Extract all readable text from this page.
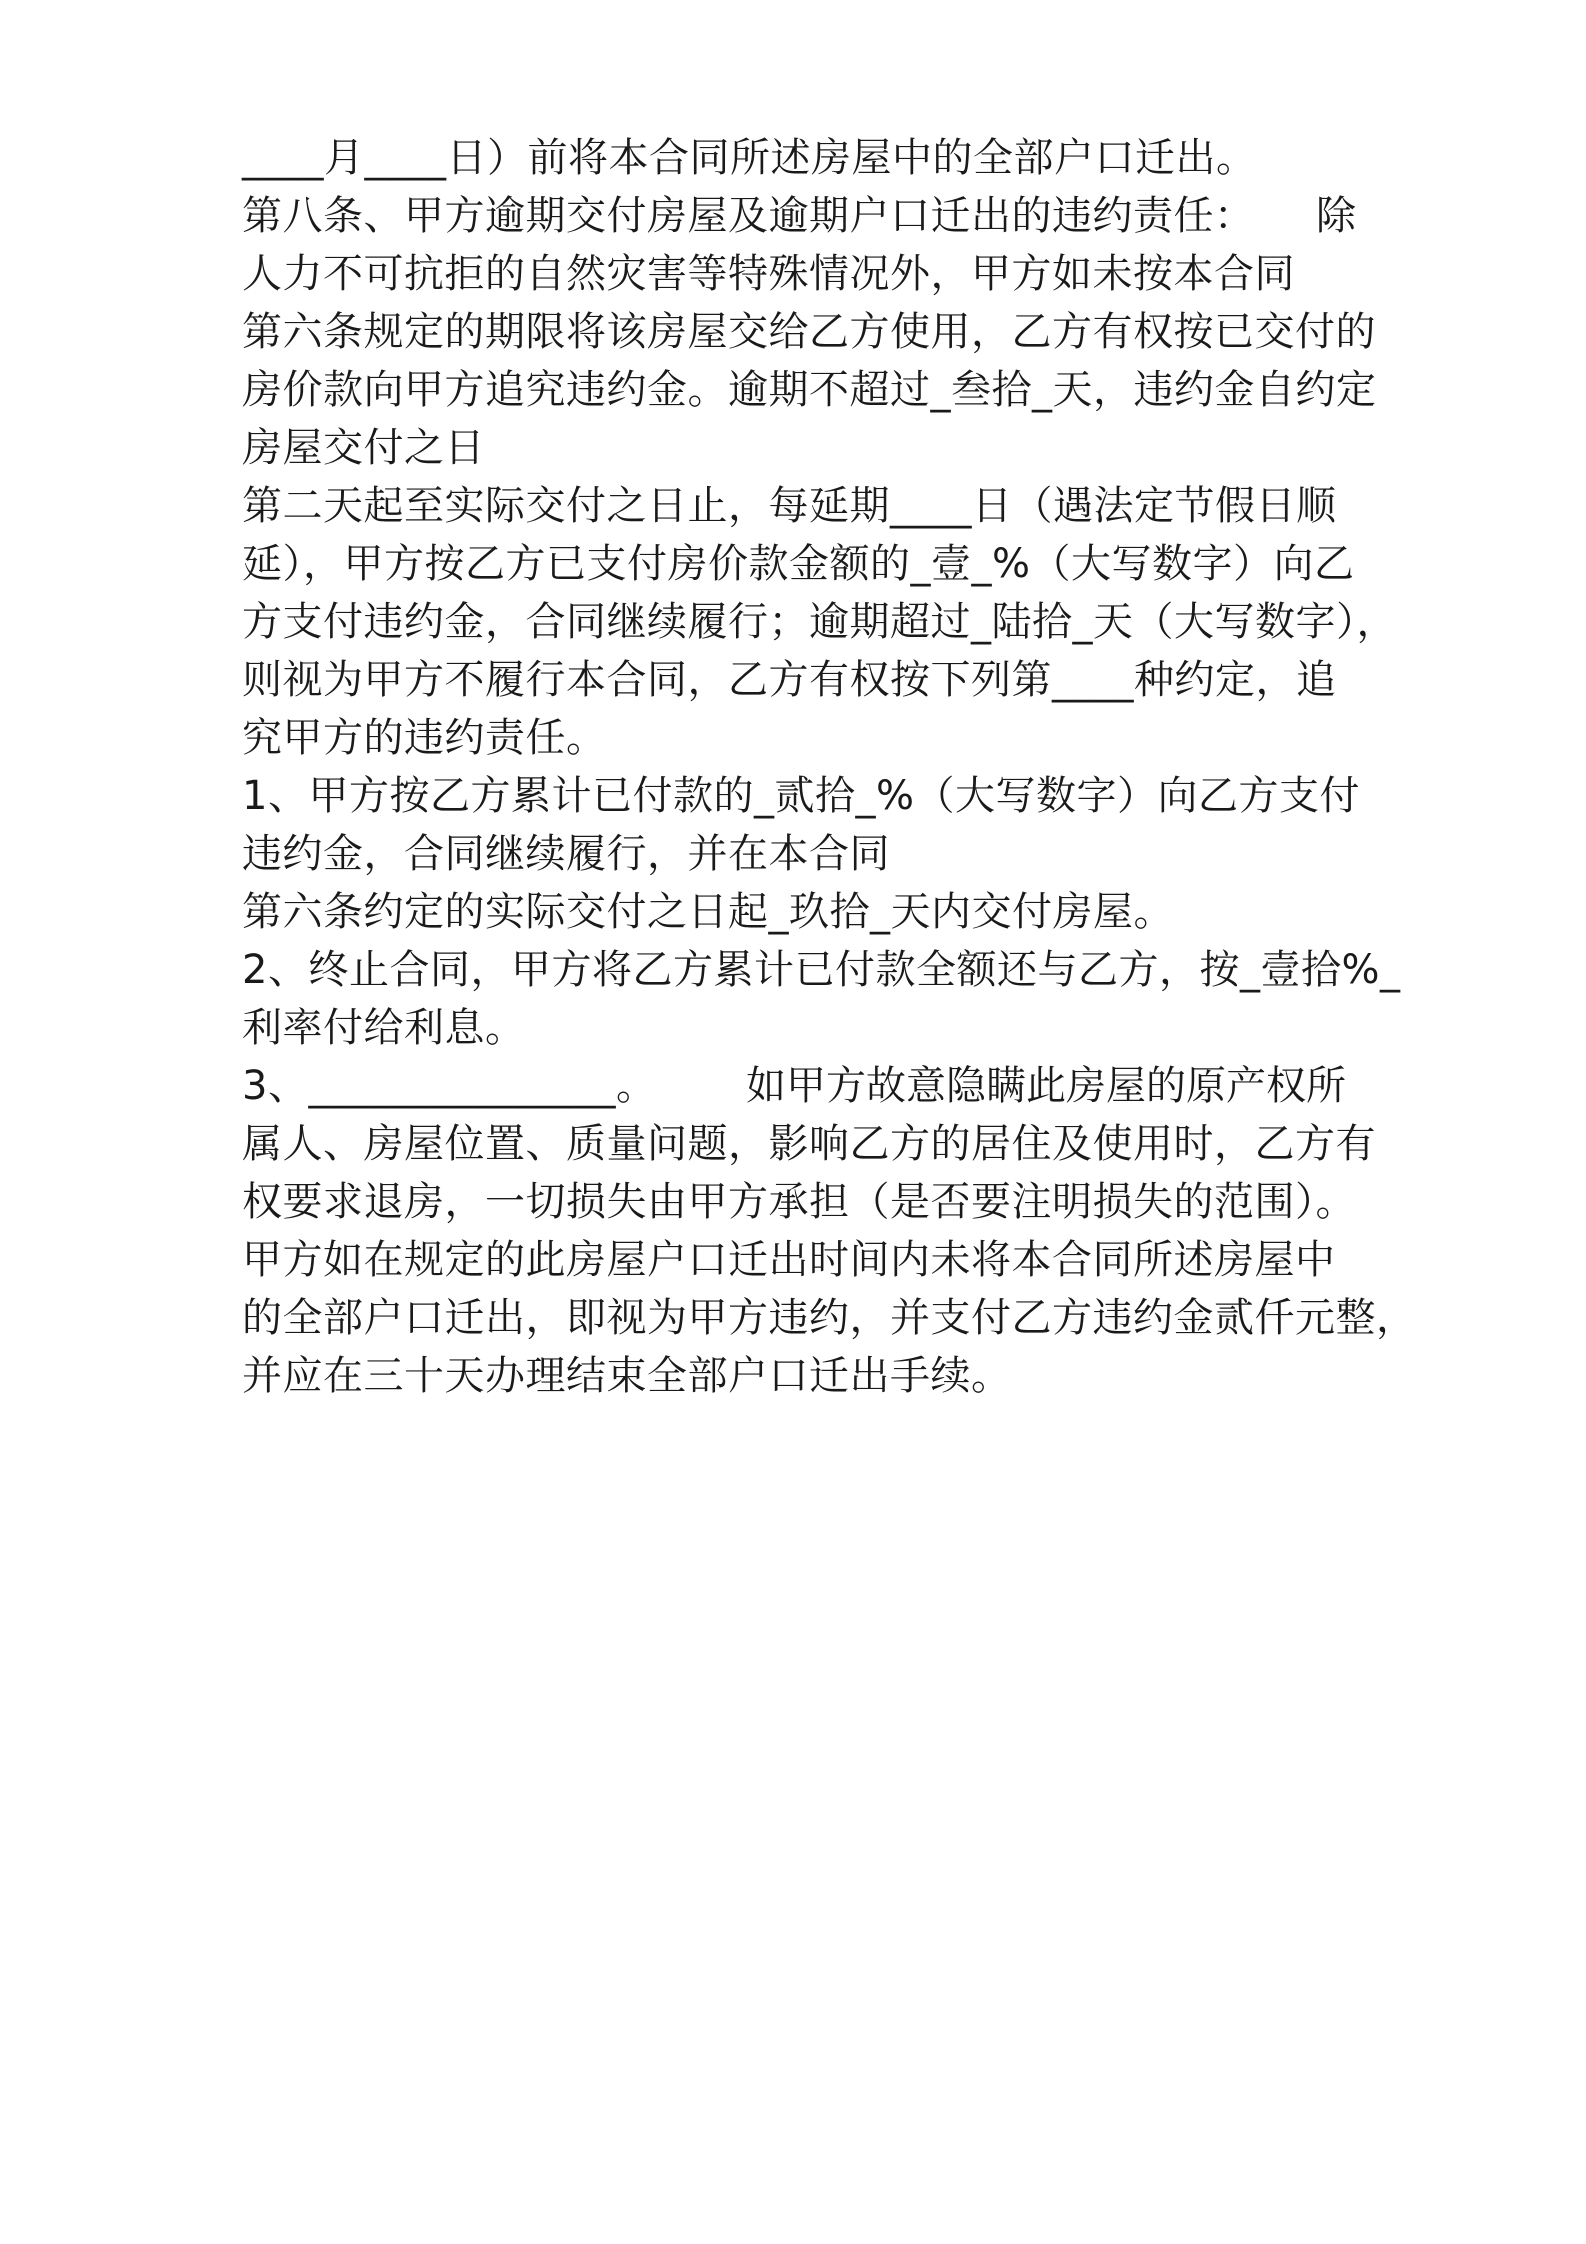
____月____日）前将本合同所述房屋中的全部户口迁出。
第八条、甲方逾期交付房屋及逾期户口迁出的违约责任： 除
人力不可抗拒的自然灾害等特殊情况外，甲方如未按本合同
第六条规定的期限将该房屋交给乙方使用，乙方有权按已交付的
房价款向甲方追究违约金。逾期不超过_叁拾_天，违约金自约定
房屋交付之日
第二天起至实际交付之日止，每延期____日（遇法定节假日顺
延），甲方按乙方已支付房价款金额的_壹_%（大写数字）向乙
方支付违约金，合同继续履行；逾期超过_陆拾_天（大写数字），
则视为甲方不履行本合同，乙方有权按下列第____种约定，追
究甲方的违约责任。
1、甲方按乙方累计已付款的_贰拾_%（大写数字）向乙方支付
违约金，合同继续履行，并在本合同
第六条约定的实际交付之日起_玖拾_天内交付房屋。
2、终止合同，甲方将乙方累计已付款全额还与乙方，按_壹拾%_
利率付给利息。
3、_______________。 如甲方故意隐瞒此房屋的原产权所
属人、房屋位置、质量问题，影响乙方的居住及使用时，乙方有
权要求退房，一切损失由甲方承担（是否要注明损失的范围）。
甲方如在规定的此房屋户口迁出时间内未将本合同所述房屋中
的全部户口迁出，即视为甲方违约，并支付乙方违约金贰仟元整，
并应在三十天办理结束全部户口迁出手续。
